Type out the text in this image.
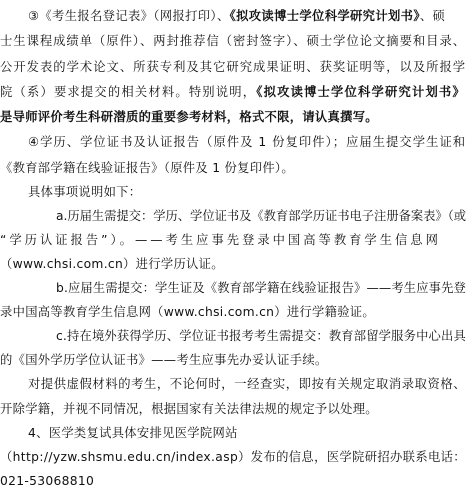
③《考生报名登记表》（网报打印）、《拟攻读博士学位科学研究计划书》、硕
士生课程成绩单（原件）、两封推荐信（密封签字）、硕士学位论文摘要和目录、
公开发表的学术论文、所获专利及其它研究成果证明、获奖证明等，以及所报学
院（系）要求提交的相关材料。特别说明，《拟攻读博士学位科学研究计划书》
是导师评价考生科研潜质的重要参考材料，格式不限，请认真撰写。
④学历、学位证书及认证报告（原件及 1 份复印件）；应届生提交学生证和
《教育部学籍在线验证报告》（原件及 1 份复印件）。
具体事项说明如下：
a.历届生需提交：学历、学位证书及《教育部学历证书电子注册备案表》（或
“学历认证报告”）。——考生应事先登录中国高等教育学生信息网
（www.chsi.com.cn）进行学历认证。
b.应届生需提交：学生证及《教育部学籍在线验证报告》——考生应事先登
录中国高等教育学生信息网（www.chsi.com.cn）进行学籍验证。
c.持在境外获得学历、学位证书报考考生需提交：教育部留学服务中心出具
的《国外学历学位认证书》——考生应事先办妥认证手续。
对提供虚假材料的考生，不论何时，一经查实，即按有关规定取消录取资格、
开除学籍，并视不同情况，根据国家有关法律法规的规定予以处理。
4、医学类复试具体安排见医学院网站
（http://yzw.shsmu.edu.cn/index.asp）发布的信息，医学院研招办联系电话：
021-53068810
